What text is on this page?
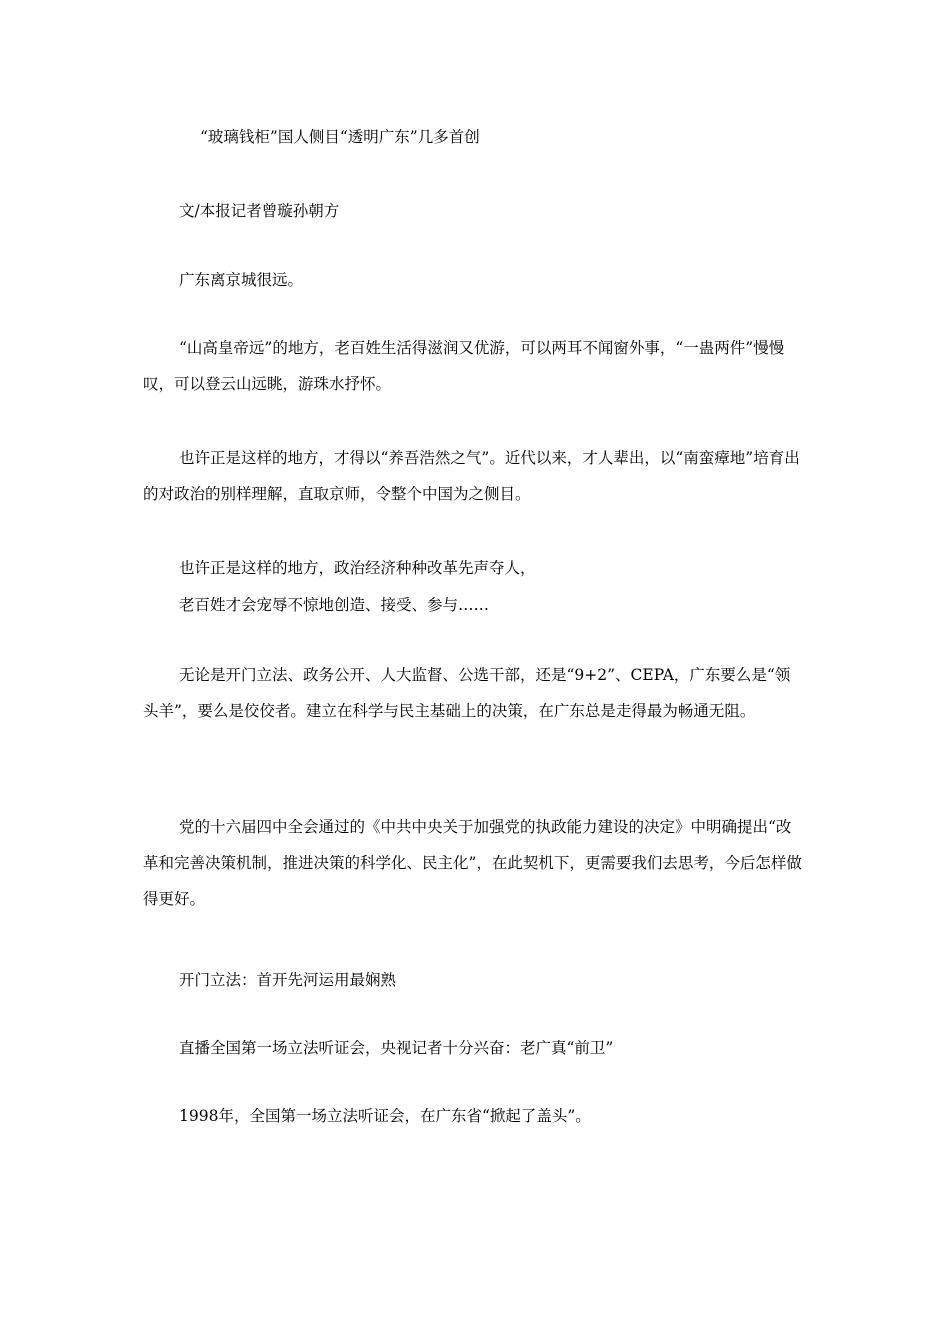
“玻璃钱柜”国人侧目“透明广东”几多首创

文/本报记者曾璇孙朝方

广东离京城很远。

“山高皇帝远”的地方，老百姓生活得滋润又优游，可以两耳不闻窗外事，“一蛊两件”慢慢叹，可以登云山远眺，游珠水抒怀。

也许正是这样的地方，才得以“养吾浩然之气”。近代以来，才人辈出，以“南蛮瘴地”培育出的对政治的别样理解，直取京师，令整个中国为之侧目。

也许正是这样的地方，政治经济种种改革先声夺人，

老百姓才会宠辱不惊地创造、接受、参与……

无论是开门立法、政务公开、人大监督、公选干部，还是“9+2”、CEPA，广东要么是“领头羊”，要么是佼佼者。建立在科学与民主基础上的决策，在广东总是走得最为畅通无阻。

党的十六届四中全会通过的《中共中央关于加强党的执政能力建设的决定》中明确提出“改革和完善决策机制，推进决策的科学化、民主化”，在此契机下，更需要我们去思考，今后怎样做得更好。

开门立法：首开先河运用最娴熟

直播全国第一场立法听证会，央视记者十分兴奋：老广真“前卫”

1998年，全国第一场立法听证会，在广东省“掀起了盖头”。
